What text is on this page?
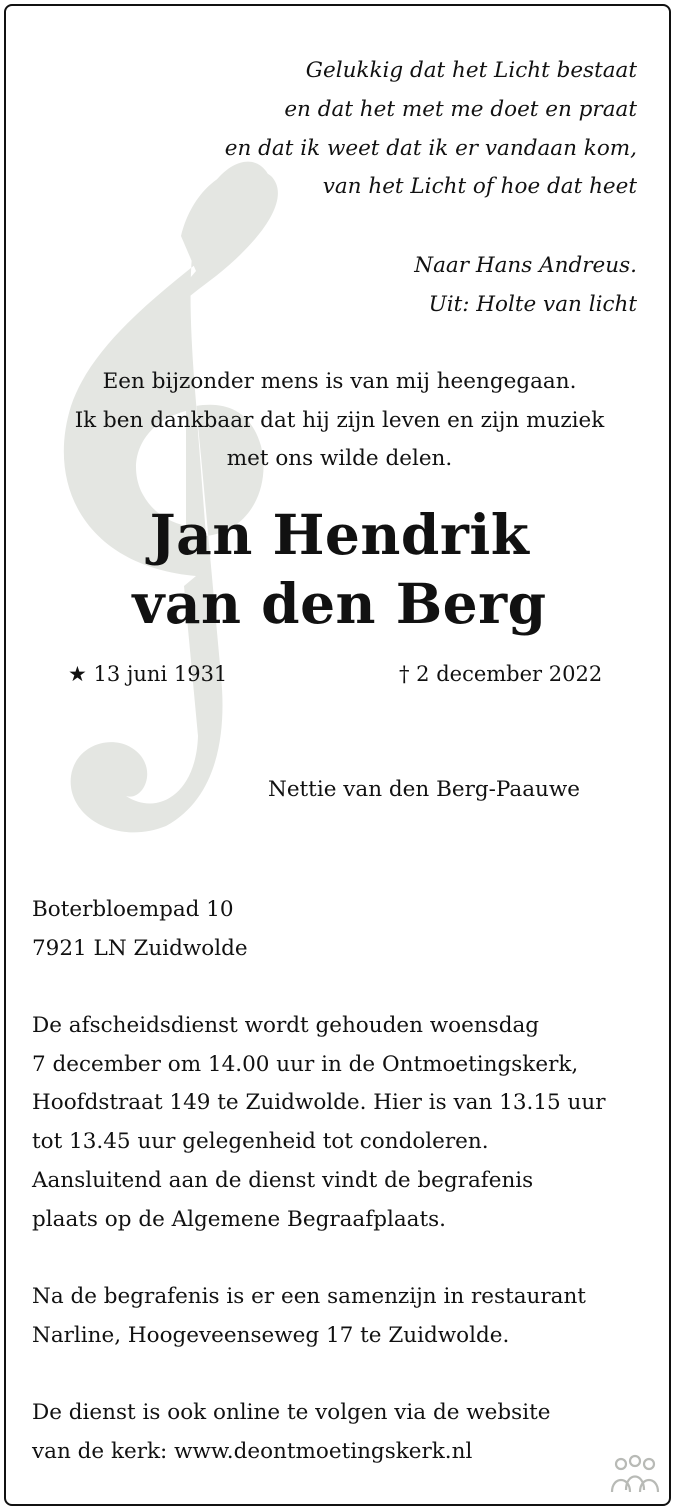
Gelukkig dat het Licht bestaat
en dat het met me doet en praat
en dat ik weet dat ik er vandaan kom,
van het Licht of hoe dat heet
Naar Hans Andreus.
Uit: Holte van licht
Een bijzonder mens is van mij heengegaan.
Ik ben dankbaar dat hij zijn leven en zijn muziek
met ons wilde delen.
Jan Hendrik
van den Berg
★ 13 juni 1931	† 2 december 2022
Nettie van den Berg-Paauwe
Boterbloempad 10
7921 LN Zuidwolde
De afscheidsdienst wordt gehouden woensdag
7 december om 14.00 uur in de Ontmoetingskerk,
Hoofdstraat 149 te Zuidwolde. Hier is van 13.15 uur
tot 13.45 uur gelegenheid tot condoleren.
Aansluitend aan de dienst vindt de begrafenis
plaats op de Algemene Begraafplaats.
Na de begrafenis is er een samenzijn in restaurant
Narline, Hoogeveenseweg 17 te Zuidwolde.
De dienst is ook online te volgen via de website
van de kerk: www.deontmoetingskerk.nl
